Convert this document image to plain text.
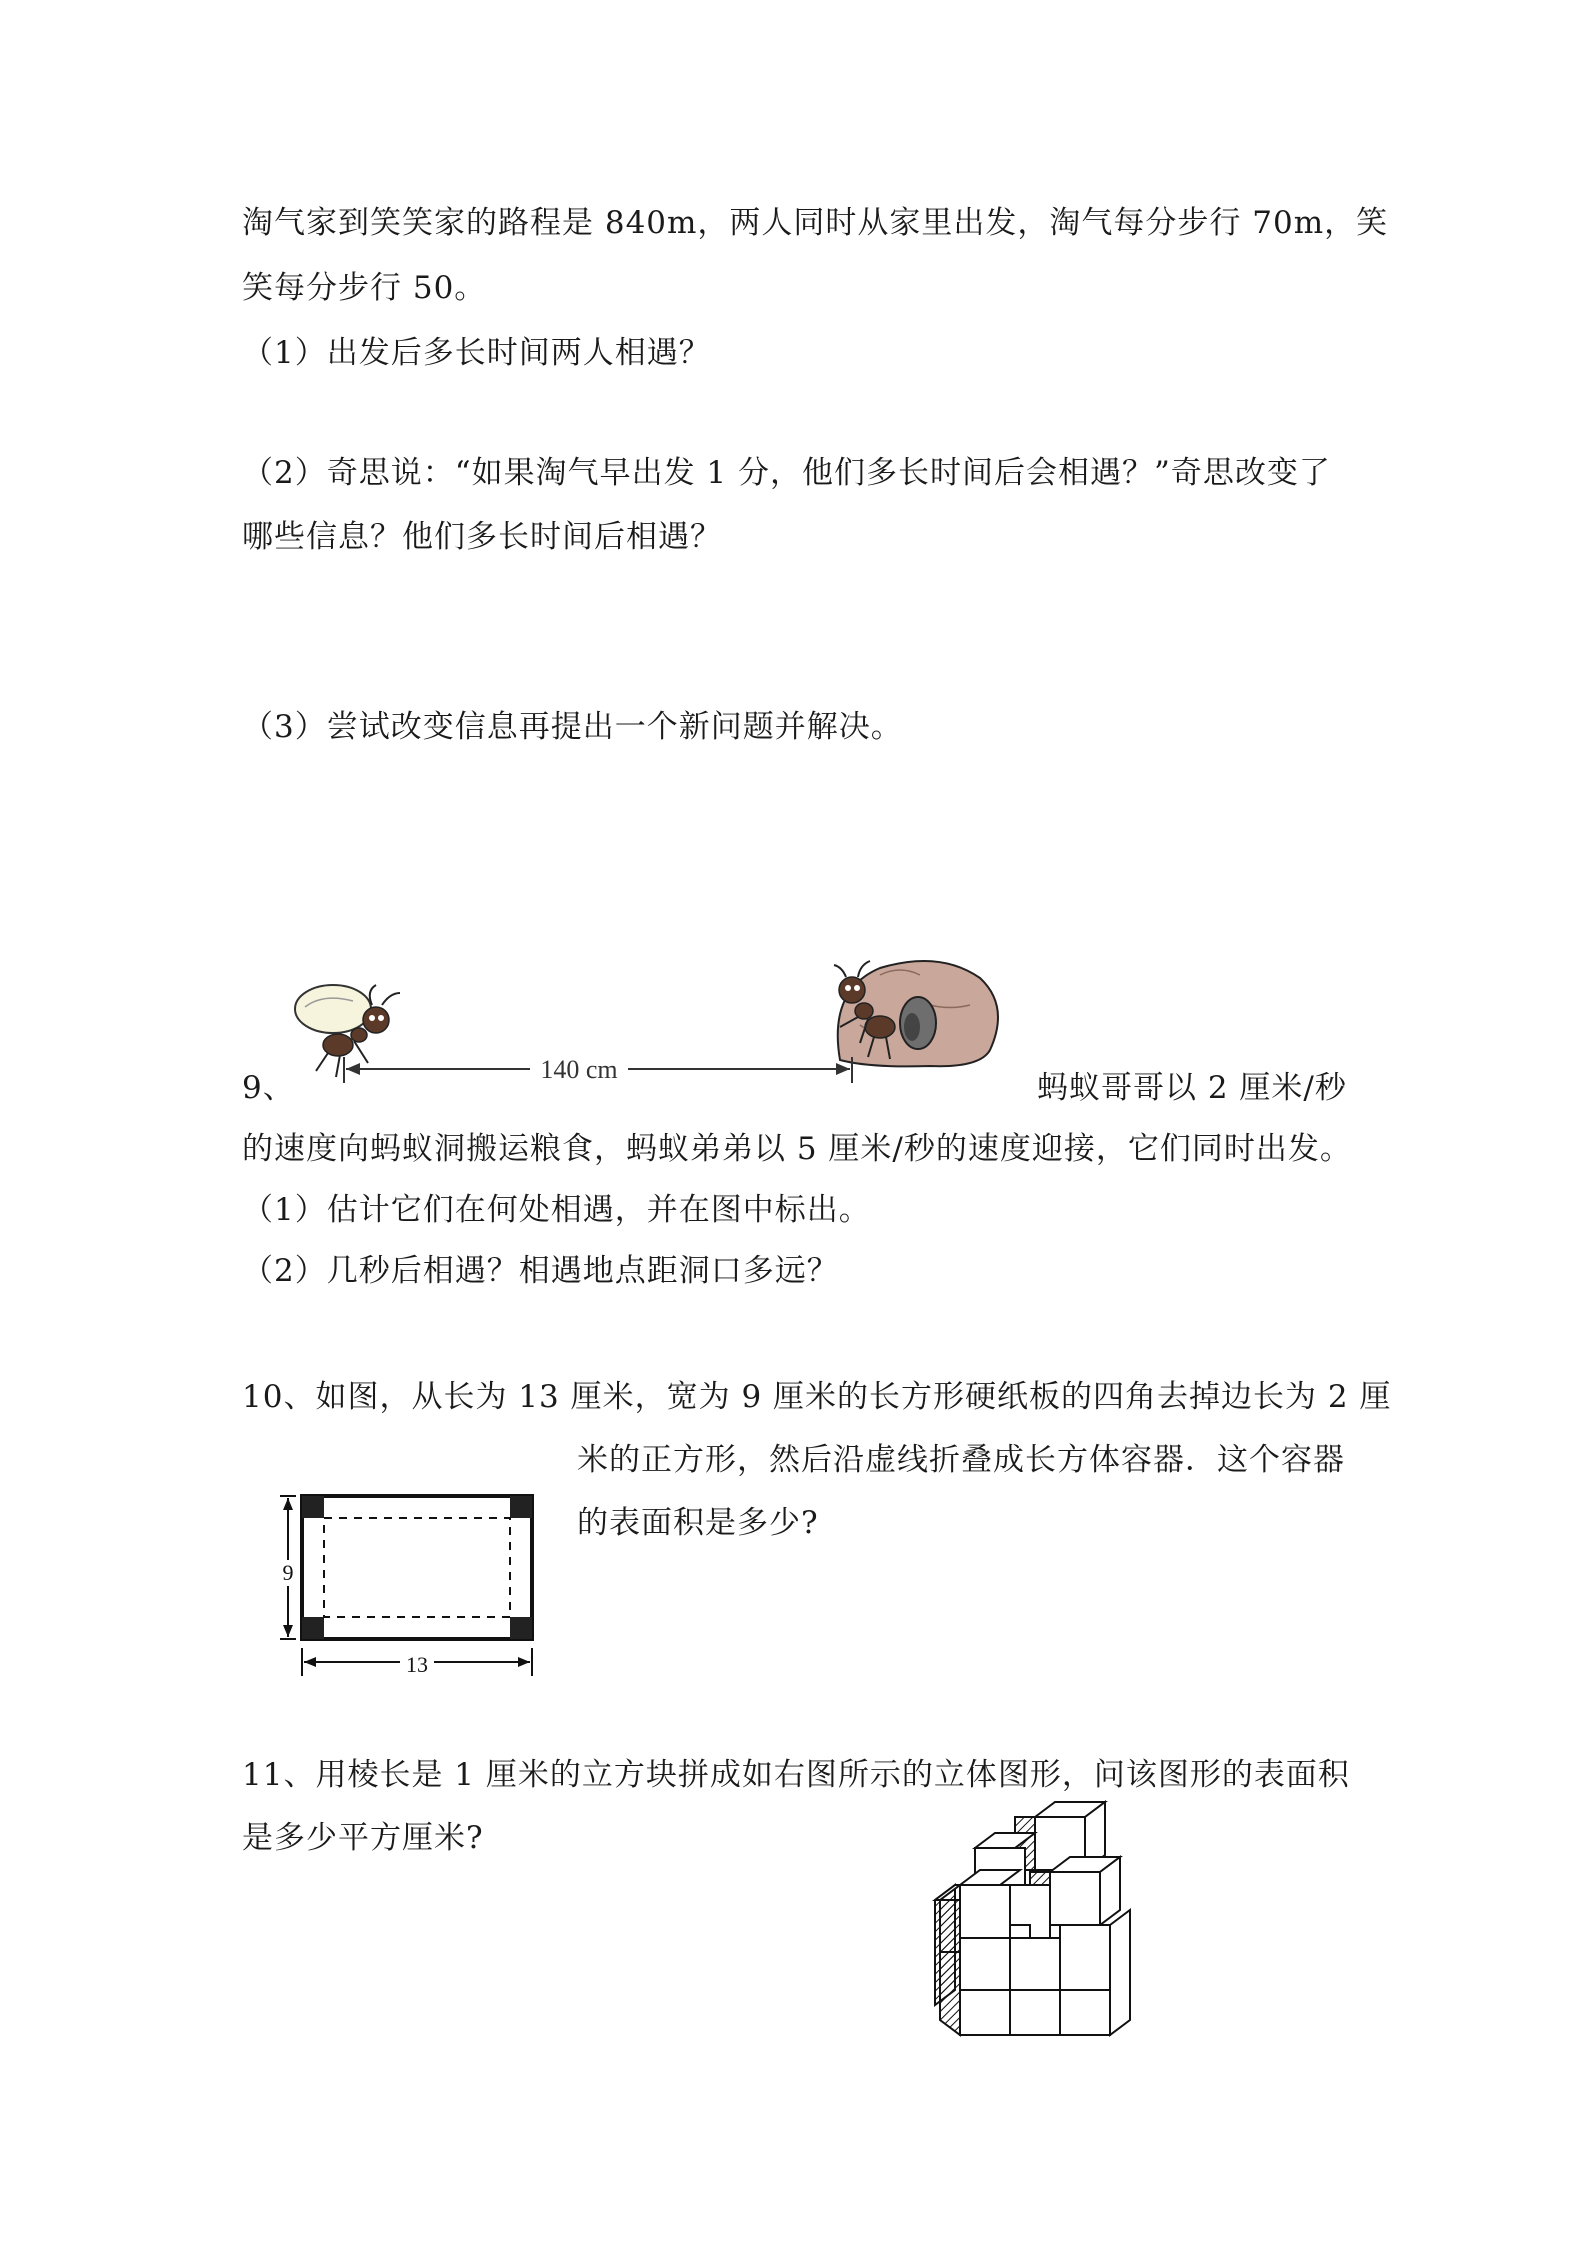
淘气家到笑笑家的路程是 840m，两人同时从家里出发，淘气每分步行 70m，笑
笑每分步行 50。
（1）出发后多长时间两人相遇？
（2）奇思说：“如果淘气早出发 1 分，他们多长时间后会相遇？”奇思改变了
哪些信息？他们多长时间后相遇？
（3）尝试改变信息再提出一个新问题并解决。
140 cm
9、	蚂蚁哥哥以 2 厘米/秒
的速度向蚂蚁洞搬运粮食，蚂蚁弟弟以 5 厘米/秒的速度迎接，它们同时出发。
（1）估计它们在何处相遇，并在图中标出。
（2）几秒后相遇？相遇地点距洞口多远？
10、如图，从长为 13 厘米，宽为 9 厘米的长方形硬纸板的四角去掉边长为 2 厘
米的正方形，然后沿虚线折叠成长方体容器．这个容器
的表面积是多少?
9
13
11、用棱长是 1 厘米的立方块拼成如右图所示的立体图形，问该图形的表面积
是多少平方厘米?
